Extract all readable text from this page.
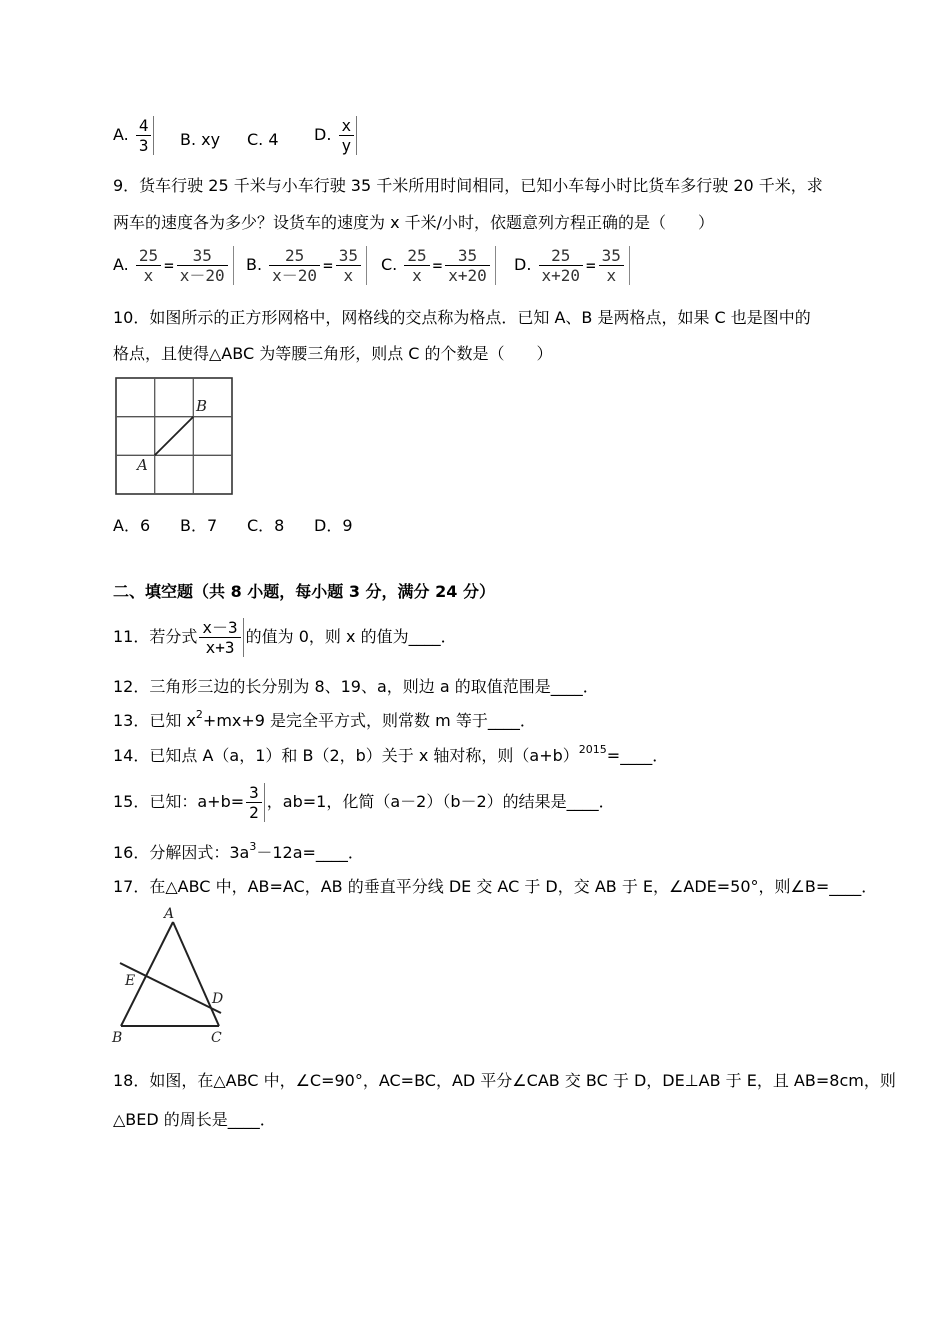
A. $\frac{4}{3} B$. xy C. 4 D. $\frac{x}{y}$
9．货车行驶 25 千米与小车行驶 35 千米所用时间相同，已知小车每小时比货车多行驶 20 千米，求
两车的速度各为多少？设货车的速度为 x 千米/小时，依题意列方程正确的是（　　）
A. $\frac{25}{x} = \frac{35}{x-20} B$. $\frac{25}{x-20} = \frac{35}{x} C$. $\frac{25}{x} = \frac{35}{x+20} D$. $\frac{25}{x+20} = \frac{35}{x}$
10．如图所示的正方形网格中，网格线的交点称为格点．已知 A、B 是两格点，如果 C 也是图中的
格点，且使得△ABC 为等腰三角形，则点 C 的个数是（　　）
B
A
A．6 B．7 C．8 D．9
二、填空题（共 8 小题，每小题 3 分，满分 24 分）
11．若分式 $\frac{x-3}{x+3}$ 的值为 0，则 x 的值为____．
12．三角形三边的长分别为 8、19、a，则边 a 的取值范围是____．
13．已知 $x^2+mx+9$ 是完全平方式，则常数 m 等于____．
14．已知点 A（a，1）和 B（2，b）关于 x 轴对称，则$(a+b)^{2015}=\_\_\_\_$．
15．已知：$a+b= \frac{3}{2}$ ，ab=1，化简（a－2）（b－2）的结果是____．
16．分解因式：$3a^3-12a=\_\_\_\_$．
17．在△ABC 中，AB=AC，AB 的垂直平分线 DE 交 AC 于 D，交 AB 于 E，∠ADE=50°，则∠B=____．
A
E
D
B	C
18．如图，在△ABC 中，∠C=90°，AC=BC，AD 平分∠CAB 交 BC 于 D，DE⊥AB 于 E，且 AB=8cm，则
△BED 的周长是____．
